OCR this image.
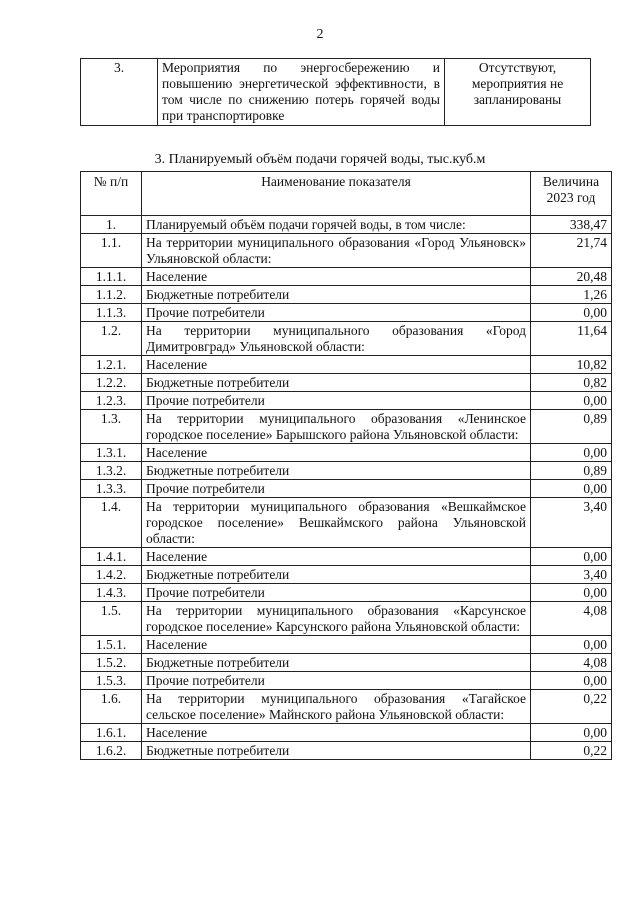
2
3.	Мероприятия по энергосбережению и повышению энергетической эффективности, в том числе по снижению потерь горячей воды при транспортировке	Отсутствуют, мероприятия не запланированы
3. Планируемый объём подачи горячей воды, тыс.куб.м
№ п/п	Наименование показателя	Величина 2023 год
1.	Планируемый объём подачи горячей воды, в том числе:	338,47
1.1.	На территории муниципального образования «Город Ульяновск» Ульяновской области:	21,74
1.1.1.	Население	20,48
1.1.2.	Бюджетные потребители	1,26
1.1.3.	Прочие потребители	0,00
1.2.	На территории муниципального образования «Город Димитровград» Ульяновской области:	11,64
1.2.1.	Население	10,82
1.2.2.	Бюджетные потребители	0,82
1.2.3.	Прочие потребители	0,00
1.3.	На территории муниципального образования «Ленинское городское поселение» Барышского района Ульяновской области:	0,89
1.3.1.	Население	0,00
1.3.2.	Бюджетные потребители	0,89
1.3.3.	Прочие потребители	0,00
1.4.	На территории муниципального образования «Вешкаймское городское поселение» Вешкаймского района Ульяновской области:	3,40
1.4.1.	Население	0,00
1.4.2.	Бюджетные потребители	3,40
1.4.3.	Прочие потребители	0,00
1.5.	На территории муниципального образования «Карсунское городское поселение» Карсунского района Ульяновской области:	4,08
1.5.1.	Население	0,00
1.5.2.	Бюджетные потребители	4,08
1.5.3.	Прочие потребители	0,00
1.6.	На территории муниципального образования «Тагайское сельское поселение» Майнского района Ульяновской области:	0,22
1.6.1.	Население	0,00
1.6.2.	Бюджетные потребители	0,22
